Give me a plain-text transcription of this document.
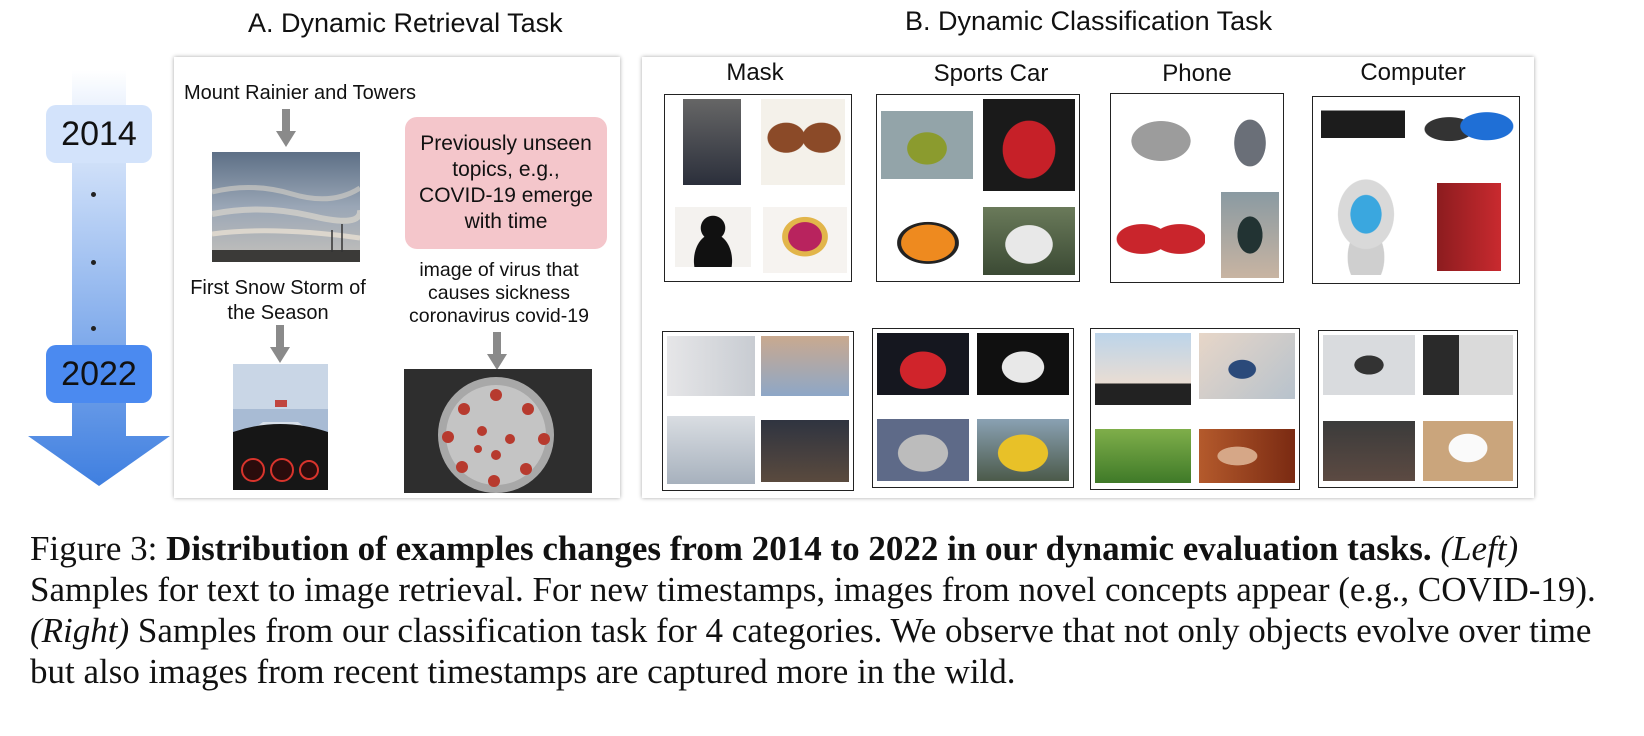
A. Dynamic Retrieval Task	B. Dynamic Classification Task
2014
2022
Mount Rainier and Towers
First Snow Storm of the Season
Previously unseen topics, e.g., COVID-19 emerge with time
image of virus that causes sickness coronavirus covid-19
Mask	Sports Car	Phone	Computer
Figure 3: Distribution of examples changes from 2014 to 2022 in our dynamic evaluation tasks. (Left) Samples for text to image retrieval. For new timestamps, images from novel concepts appear (e.g., COVID-19). (Right) Samples from our classification task for 4 categories. We observe that not only objects evolve over time but also images from recent timestamps are captured more in the wild.
